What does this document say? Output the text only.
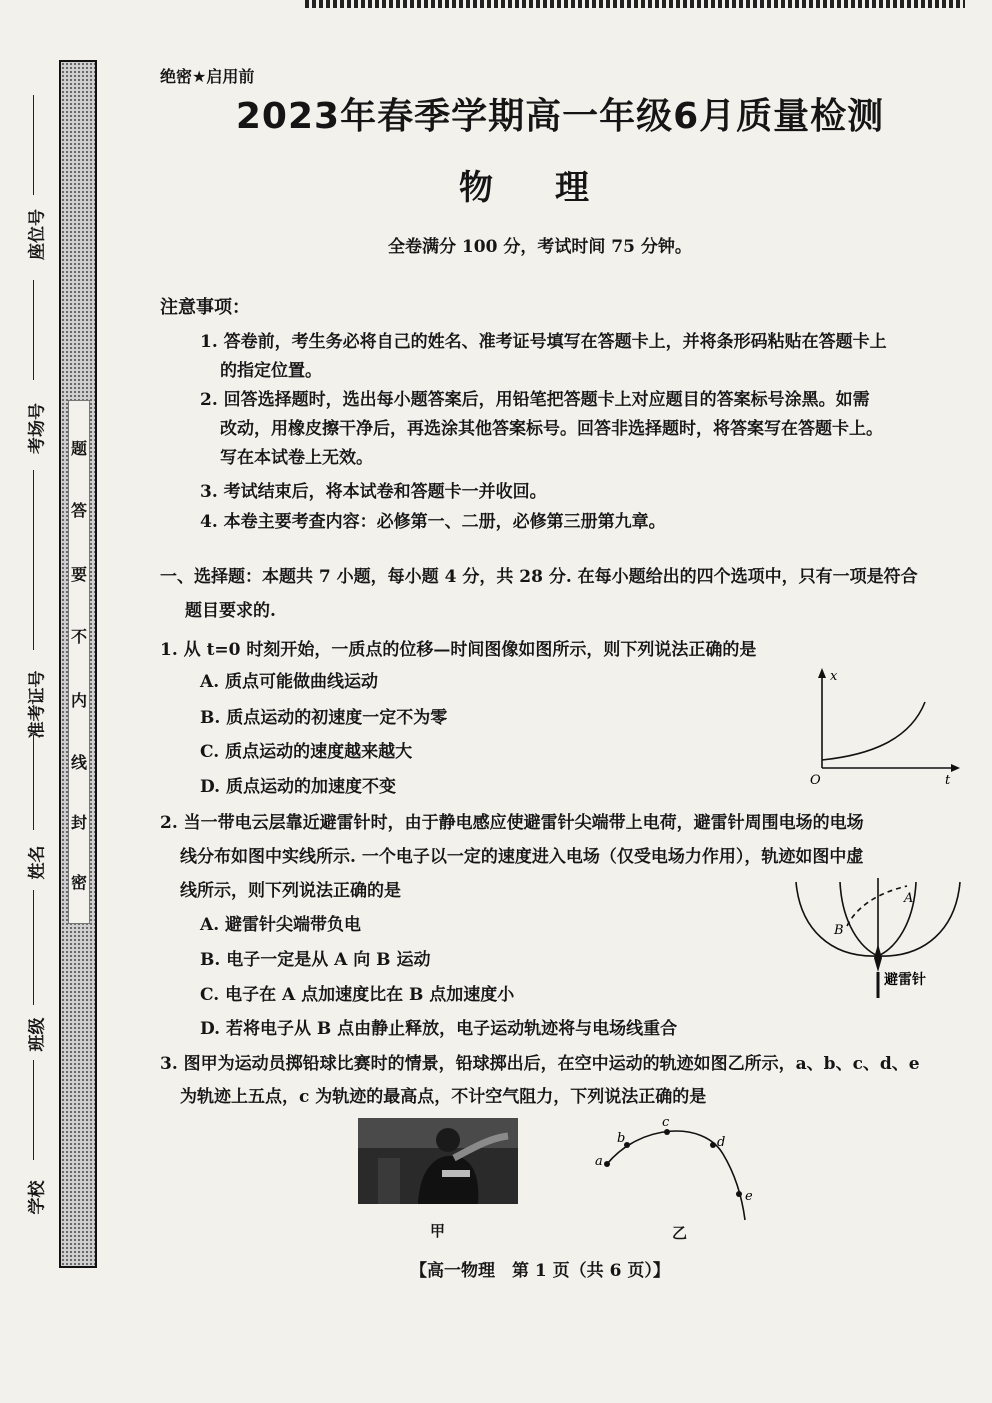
题
答
要
不
内
线
封
密
座位号
考场号
准考证号
姓名
班级
学校
绝密★启用前
2023年春季学期高一年级6月质量检测
物理
全卷满分 100 分，考试时间 75 分钟。
注意事项：
1. 答卷前，考生务必将自己的姓名、准考证号填写在答题卡上，并将条形码粘贴在答题卡上
的指定位置。
2. 回答选择题时，选出每小题答案后，用铅笔把答题卡上对应题目的答案标号涂黑。如需
改动，用橡皮擦干净后，再选涂其他答案标号。回答非选择题时，将答案写在答题卡上。
写在本试卷上无效。
3. 考试结束后，将本试卷和答题卡一并收回。
4. 本卷主要考查内容：必修第一、二册，必修第三册第九章。
一、选择题：本题共 7 小题，每小题 4 分，共 28 分. 在每小题给出的四个选项中，只有一项是符合
题目要求的.
1. 从 t=0 时刻开始，一质点的位移—时间图像如图所示，则下列说法正确的是
A. 质点可能做曲线运动
B. 质点运动的初速度一定不为零
C. 质点运动的速度越来越大
D. 质点运动的加速度不变
x
O	t
2. 当一带电云层靠近避雷针时，由于静电感应使避雷针尖端带上电荷，避雷针周围电场的电场
线分布如图中实线所示. 一个电子以一定的速度进入电场（仅受电场力作用），轨迹如图中虚
线所示，则下列说法正确的是
A. 避雷针尖端带负电
B. 电子一定是从 A 向 B 运动
C. 电子在 A 点加速度比在 B 点加速度小
D. 若将电子从 B 点由静止释放，电子运动轨迹将与电场线重合
B
A
避雷针
3. 图甲为运动员掷铅球比赛时的情景，铅球掷出后，在空中运动的轨迹如图乙所示，a、b、c、d、e
为轨迹上五点，c 为轨迹的最高点，不计空气阻力，下列说法正确的是
甲
a
b
c
d
e
乙
【高一物理　第 1 页（共 6 页）】
